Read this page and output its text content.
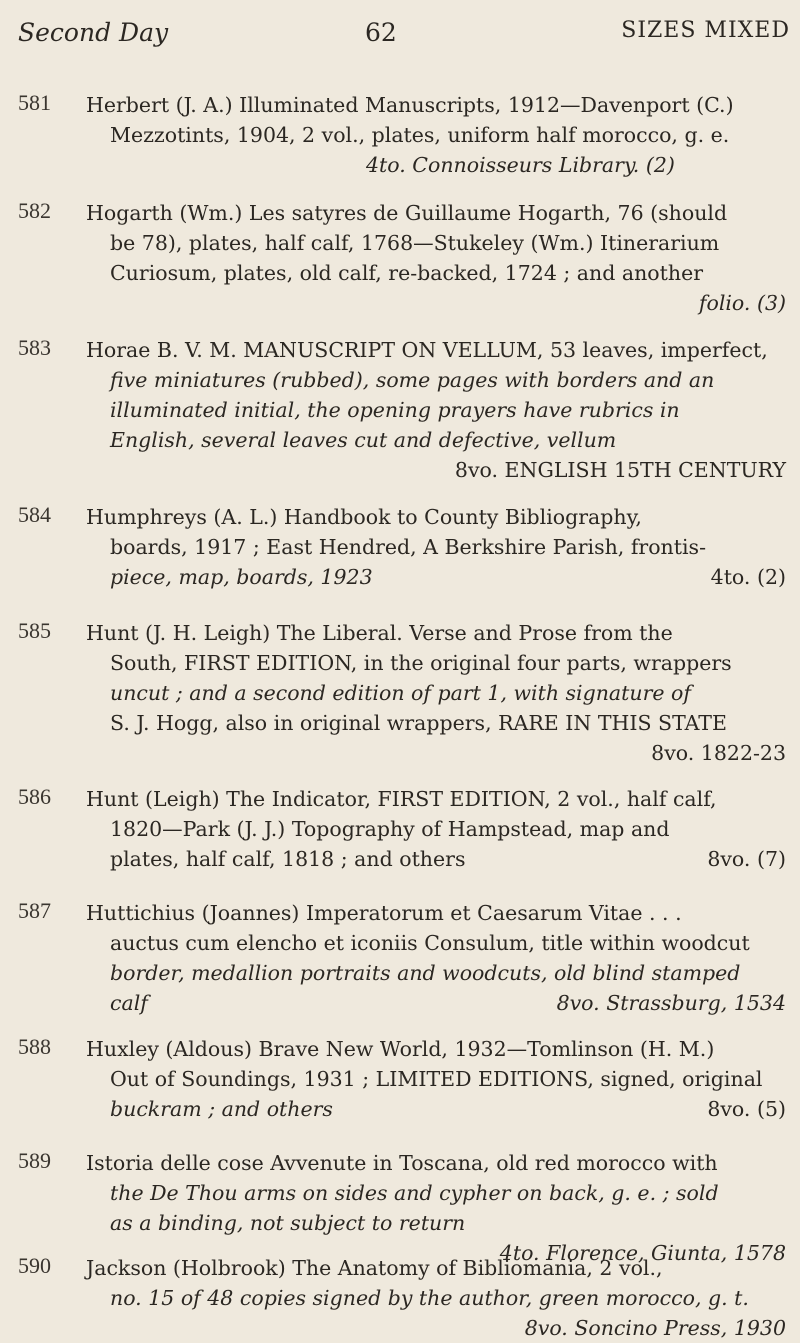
Second Day	62	SIZES MIXED
581 Herbert (J. A.) Illuminated Manuscripts, 1912—Davenport (C.)
Mezzotints, 1904, 2 vol., plates, uniform half morocco, g. e.
4to. Connoisseurs Library. (2)
582 Hogarth (Wm.) Les satyres de Guillaume Hogarth, 76 (should
be 78), plates, half calf, 1768—Stukeley (Wm.) Itinerarium
Curiosum, plates, old calf, re-backed, 1724 ; and another
folio. (3)
583 Horae B. V. M. MANUSCRIPT ON VELLUM, 53 leaves, imperfect,
five miniatures (rubbed), some pages with borders and an
illuminated initial, the opening prayers have rubrics in
English, several leaves cut and defective, vellum
8vo. ENGLISH 15TH CENTURY
584 Humphreys (A. L.) Handbook to County Bibliography,
boards, 1917 ; East Hendred, A Berkshire Parish, frontis-
piece, map, boards, 1923	4to. (2)
585 Hunt (J. H. Leigh) The Liberal. Verse and Prose from the
South, FIRST EDITION, in the original four parts, wrappers
uncut ; and a second edition of part 1, with signature of
S. J. Hogg, also in original wrappers, RARE IN THIS STATE
8vo. 1822-23
586 Hunt (Leigh) The Indicator, FIRST EDITION, 2 vol., half calf,
1820—Park (J. J.) Topography of Hampstead, map and
plates, half calf, 1818 ; and others	8vo. (7)
587 Huttichius (Joannes) Imperatorum et Caesarum Vitae . . .
auctus cum elencho et iconiis Consulum, title within woodcut
border, medallion portraits and woodcuts, old blind stamped
calf	8vo. Strassburg, 1534
588 Huxley (Aldous) Brave New World, 1932—Tomlinson (H. M.)
Out of Soundings, 1931 ; LIMITED EDITIONS, signed, original
buckram ; and others	8vo. (5)
589 Istoria delle cose Avvenute in Toscana, old red morocco with
the De Thou arms on sides and cypher on back, g. e. ; sold
as a binding, not subject to return
4to. Florence, Giunta, 1578
590 Jackson (Holbrook) The Anatomy of Bibliomania, 2 vol.,
no. 15 of 48 copies signed by the author, green morocco, g. t.
8vo. Soncino Press, 1930
